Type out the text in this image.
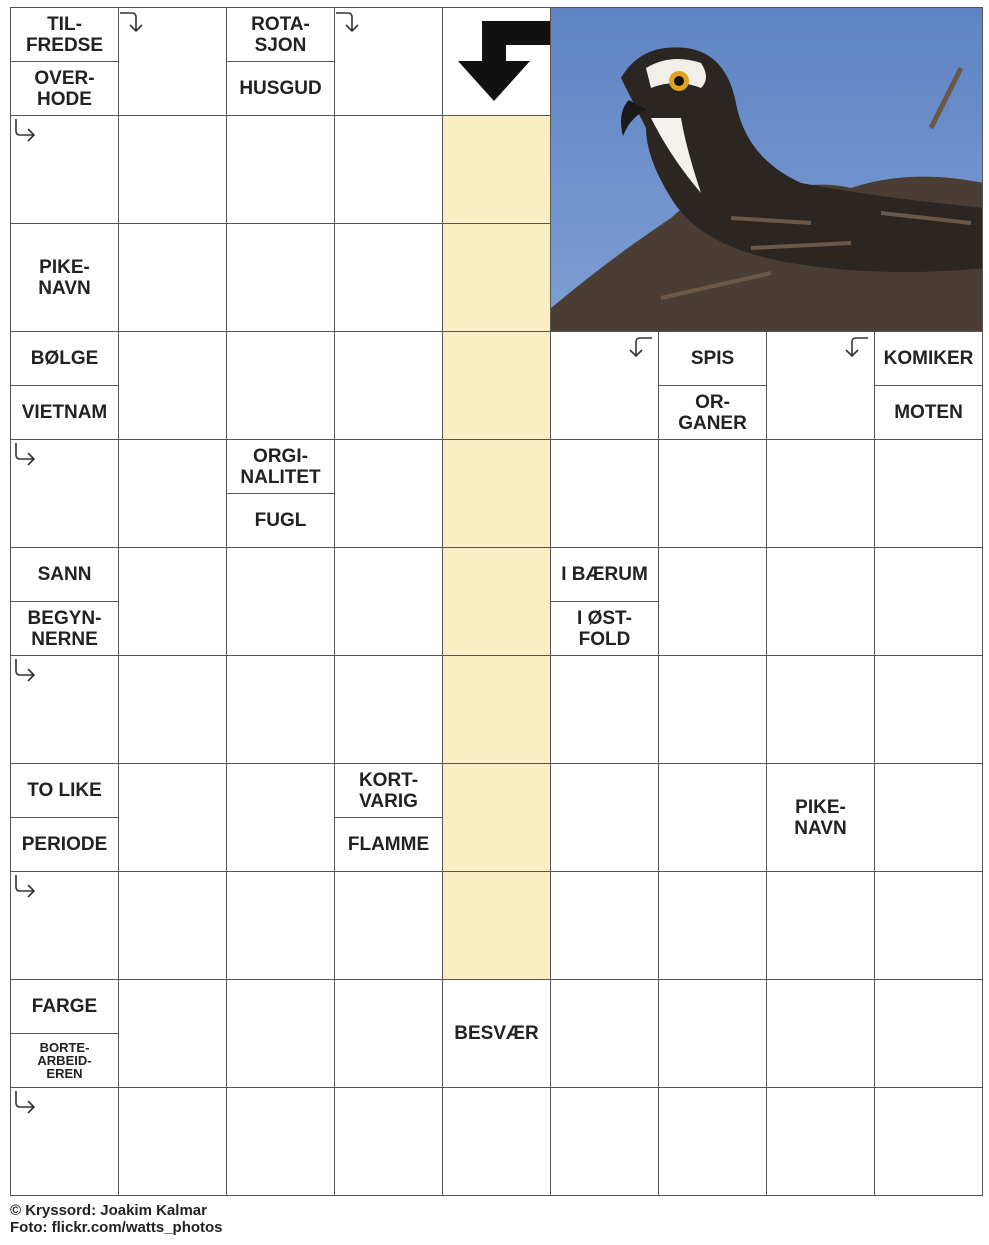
TIL-
FREDSE
OVER-
HODE
ROTA-
SJON
HUSGUD
PIKE-
NAVN
BØLGE
VIETNAM
SPIS
OR-
GANER
KOMIKER
MOTEN
ORGI-
NALITET
FUGL
SANN
BEGYN-
NERNE
I BÆRUM
I ØST-
FOLD
TO LIKE
PERIODE
KORT-
VARIG
FLAMME
PIKE-
NAVN
FARGE
BORTE-
ARBEID-
EREN
BESVÆR
© Kryssord: Joakim Kalmar
Foto: flickr.com/watts_photos
